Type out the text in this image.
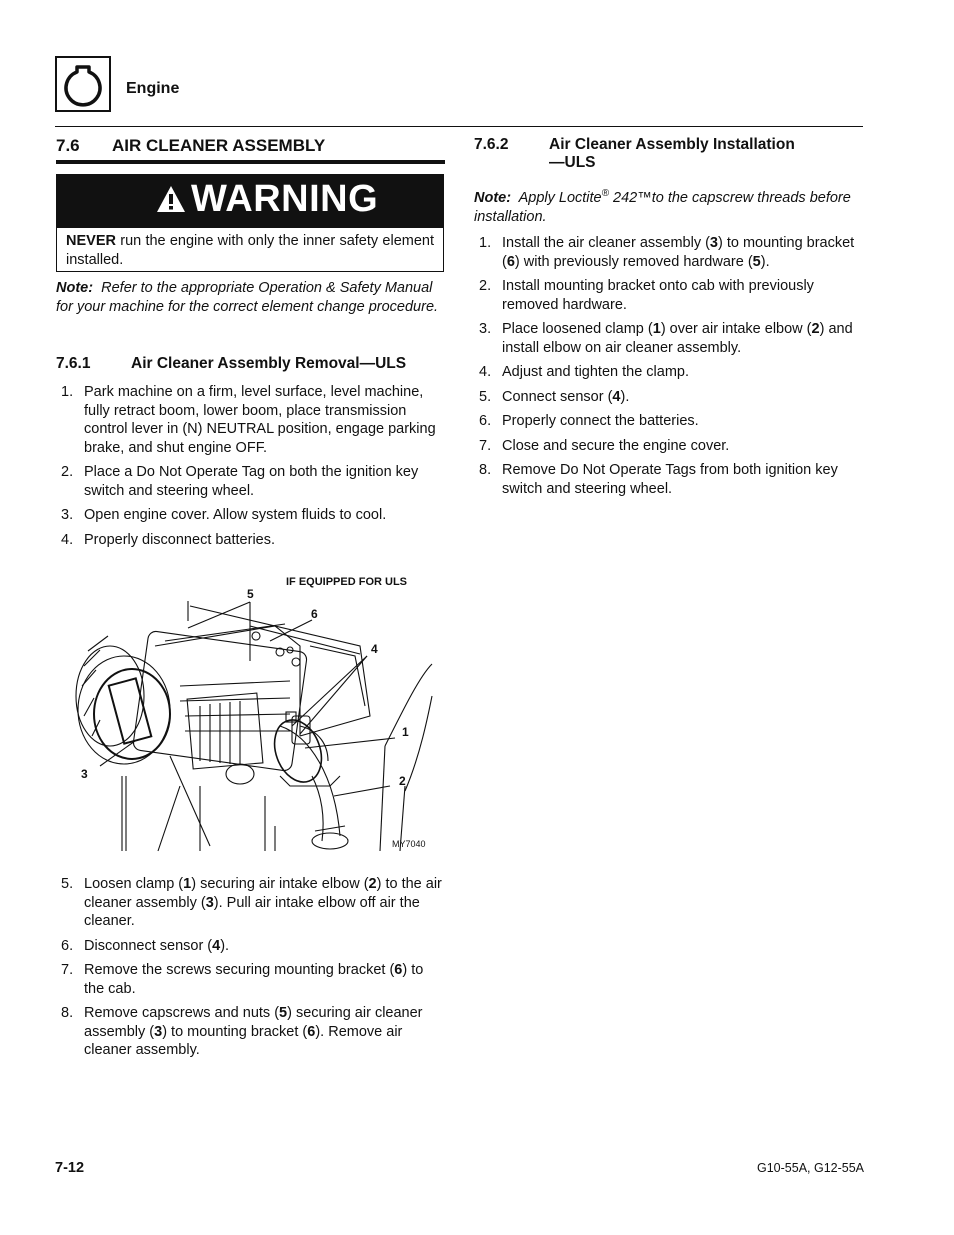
Engine
7.6 AIR CLEANER ASSEMBLY
WARNING
NEVER run the engine with only the inner safety element installed.
Note: Refer to the appropriate Operation & Safety Manual for your machine for the correct element change procedure.
7.6.1	Air Cleaner Assembly Removal—ULS
1. Park machine on a firm, level surface, level machine, fully retract boom, lower boom, place transmission control lever in (N) NEUTRAL position, engage parking brake, and shut engine OFF.
2. Place a Do Not Operate Tag on both the ignition key switch and steering wheel.
3. Open engine cover. Allow system fluids to cool.
4. Properly disconnect batteries.
IF EQUIPPED FOR ULS
5
6
4
1
3	2
MY7040
5. Loosen clamp (1) securing air intake elbow (2) to the air cleaner assembly (3). Pull air intake elbow off air the cleaner.
6. Disconnect sensor (4).
7. Remove the screws securing mounting bracket (6) to the cab.
8. Remove capscrews and nuts (5) securing air cleaner assembly (3) to mounting bracket (6). Remove air cleaner assembly.
7.6.2	Air Cleaner Assembly Installation
—ULS
Note: Apply Loctite® 242™to the capscrew threads before installation.
1. Install the air cleaner assembly (3) to mounting bracket (6) with previously removed hardware (5).
2. Install mounting bracket onto cab with previously removed hardware.
3. Place loosened clamp (1) over air intake elbow (2) and install elbow on air cleaner assembly.
4. Adjust and tighten the clamp.
5. Connect sensor (4).
6. Properly connect the batteries.
7. Close and secure the engine cover.
8. Remove Do Not Operate Tags from both ignition key switch and steering wheel.
7-12	G10-55A, G12-55A
